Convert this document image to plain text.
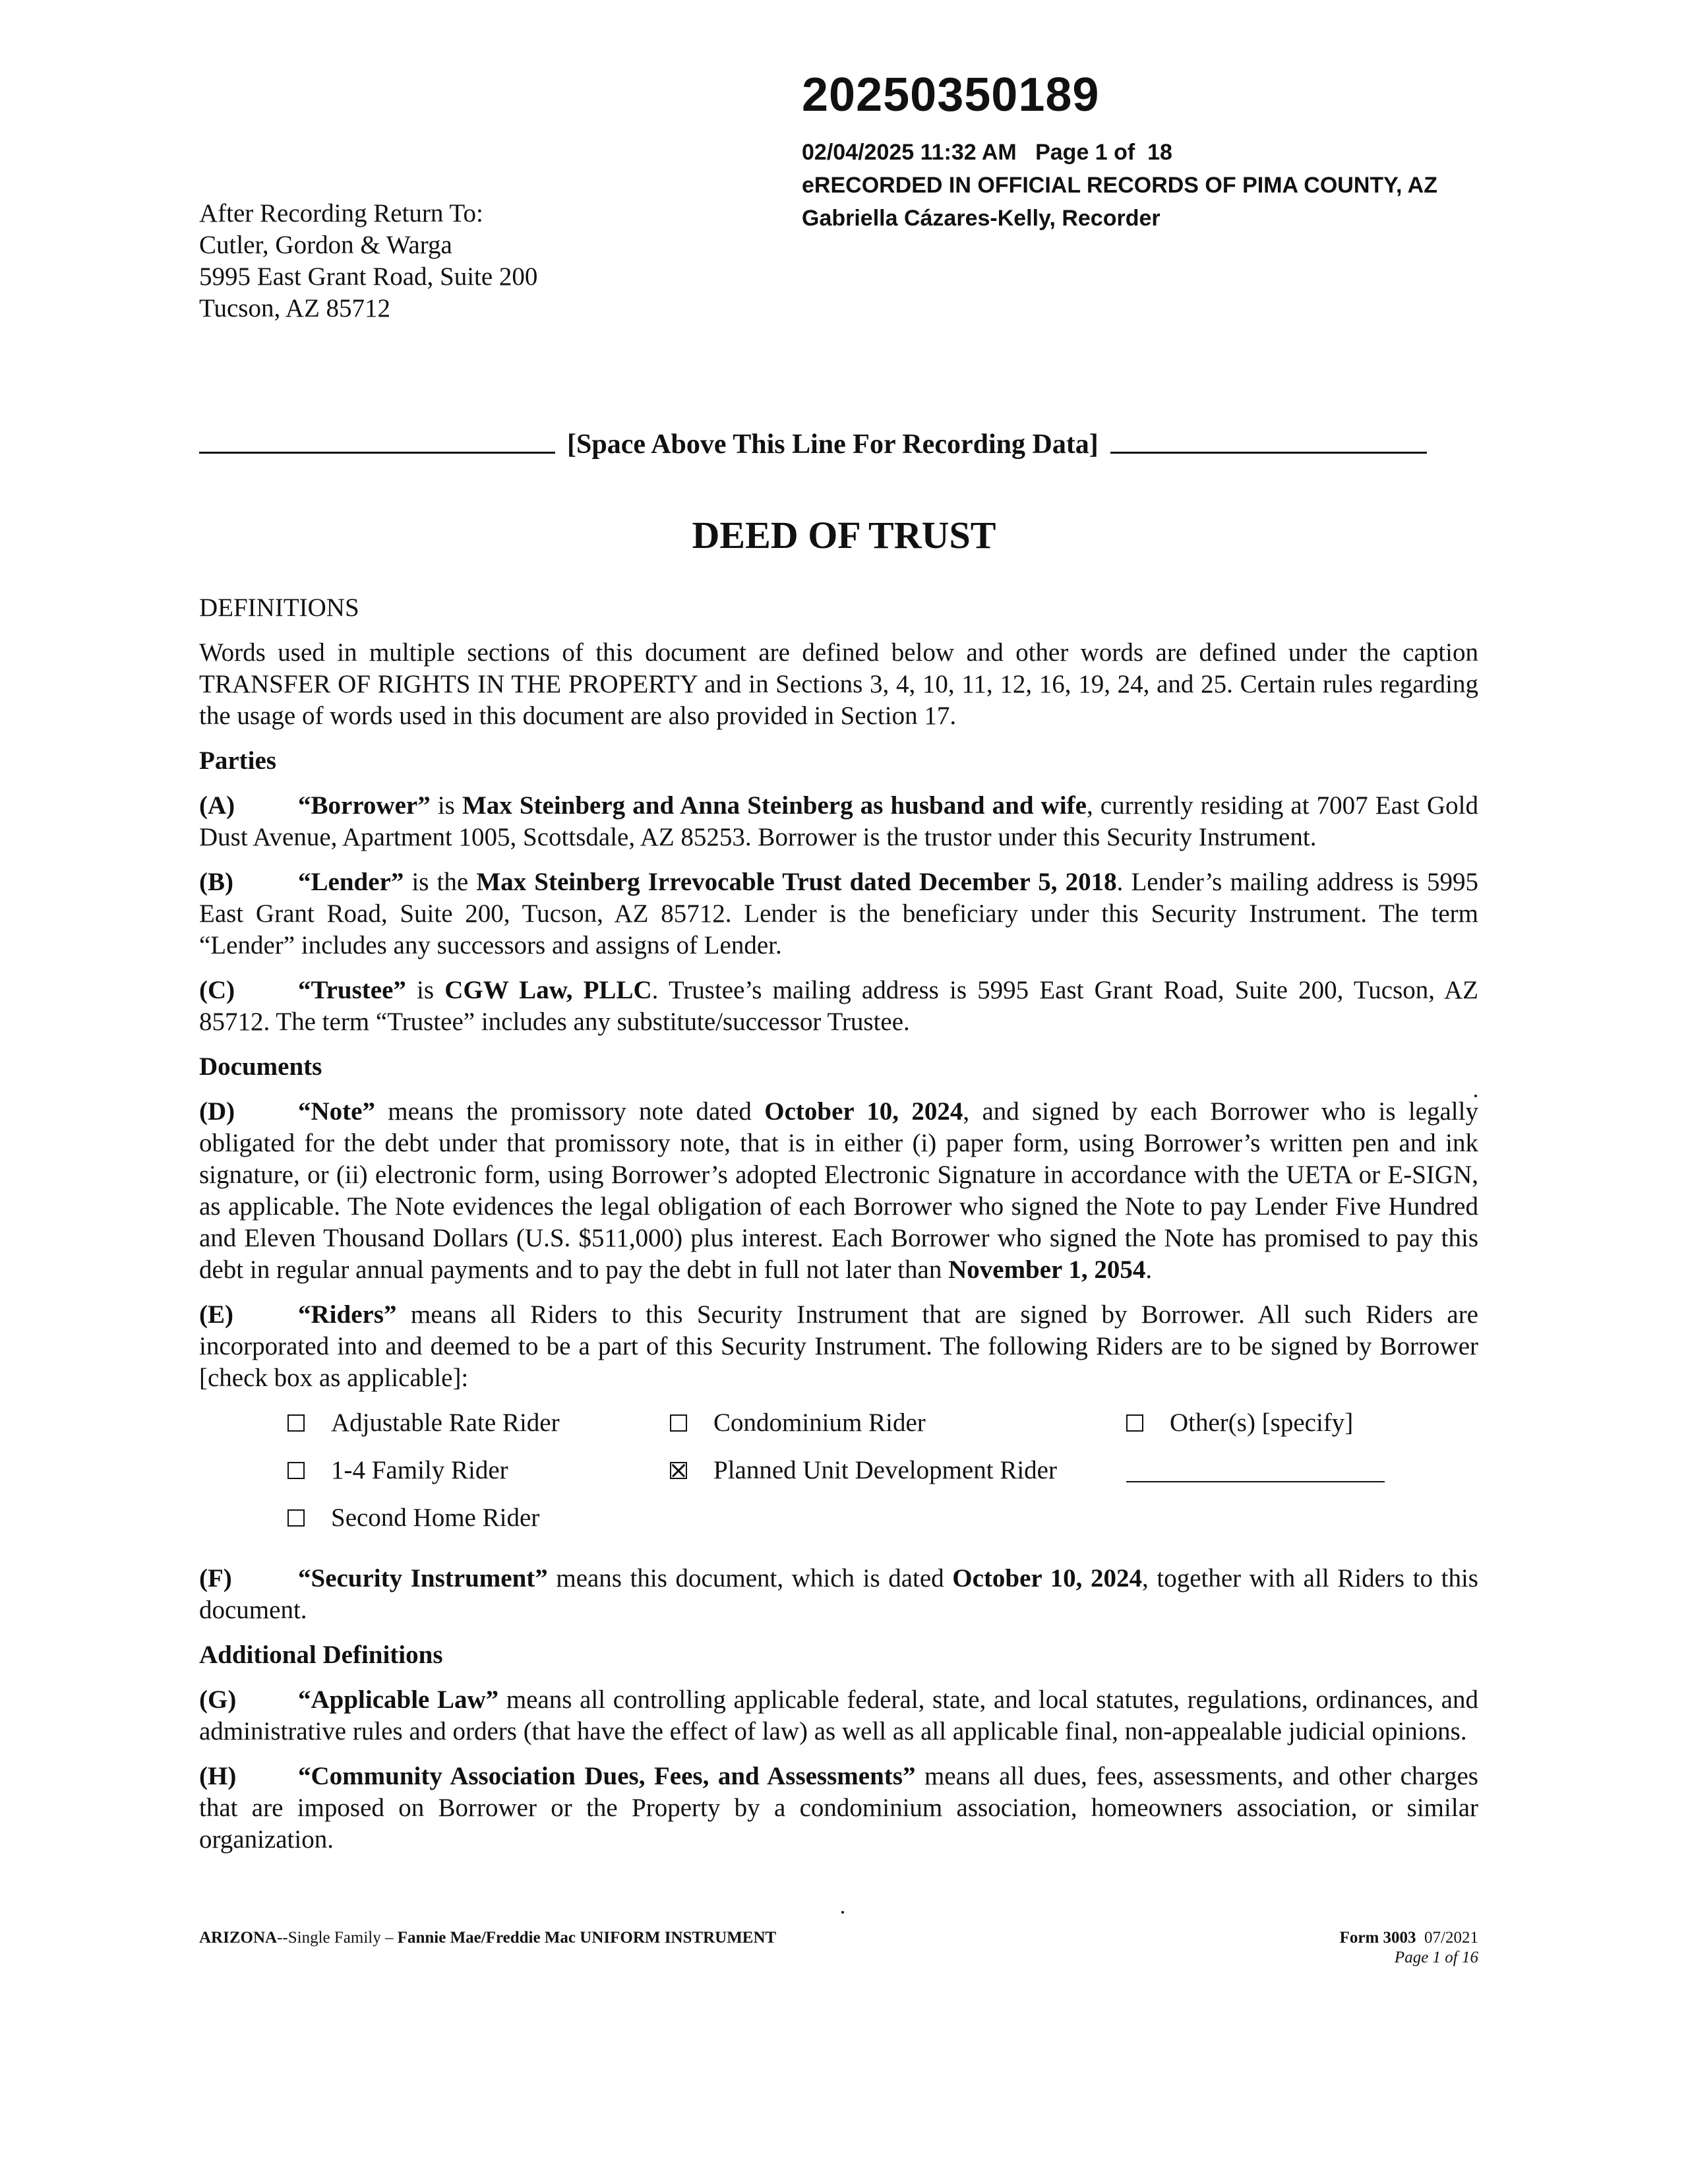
20250350189
02/04/2025 11:32 AM   Page 1 of  18
eRECORDED IN OFFICIAL RECORDS OF PIMA COUNTY, AZ
Gabriella Cázares-Kelly, Recorder
After Recording Return To:
Cutler, Gordon & Warga
5995 East Grant Road, Suite 200
Tucson, AZ 85712
[Space Above This Line For Recording Data]
DEED OF TRUST

DEFINITIONS

Words used in multiple sections of this document are defined below and other words are defined under the caption TRANSFER OF RIGHTS IN THE PROPERTY and in Sections 3, 4, 10, 11, 12, 16, 19, 24, and 25. Certain rules regarding the usage of words used in this document are also provided in Section 17.

Parties

(A) “Borrower” is Max Steinberg and Anna Steinberg as husband and wife, currently residing at 7007 East Gold Dust Avenue, Apartment 1005, Scottsdale, AZ 85253. Borrower is the trustor under this Security Instrument.

(B)	“Lender” is the Max Steinberg Irrevocable Trust dated December 5, 2018. Lender’s mailing address is 5995 East Grant Road, Suite 200, Tucson, AZ 85712. Lender is the beneficiary under this Security Instrument. The term “Lender” includes any successors and assigns of Lender.

(C) “Trustee” is CGW Law, PLLC. Trustee’s mailing address is 5995 East Grant Road, Suite 200, Tucson, AZ 85712. The term “Trustee” includes any substitute/successor Trustee.

Documents

(D) “Note” means the promissory note dated October 10, 2024, and signed by each Borrower who is legally obligated for the debt under that promissory note, that is in either (i) paper form, using Borrower’s written pen and ink signature, or (ii) electronic form, using Borrower’s adopted Electronic Signature in accordance with the UETA or E-SIGN, as applicable. The Note evidences the legal obligation of each Borrower who signed the Note to pay Lender Five Hundred and Eleven Thousand Dollars (U.S. $511,000) plus interest. Each Borrower who signed the Note has promised to pay this debt in regular annual payments and to pay the debt in full not later than November 1, 2054.

(E)	“Riders” means all Riders to this Security Instrument that are signed by Borrower. All such Riders are incorporated into and deemed to be a part of this Security Instrument. The following Riders are to be signed by Borrower [check box as applicable]:

Adjustable Rate Rider	Condominium Rider	Other(s) [specify]
1-4 Family Rider	Planned Unit Development Rider
Second Home Rider

(F)	“Security Instrument” means this document, which is dated October 10, 2024, together with all Riders to this document.

Additional Definitions

(G) “Applicable Law” means all controlling applicable federal, state, and local statutes, regulations, ordinances, and administrative rules and orders (that have the effect of law) as well as all applicable final, non-appealable judicial opinions.

(H) “Community Association Dues, Fees, and Assessments” means all dues, fees, assessments, and other charges that are imposed on Borrower or the Property by a condominium association, homeowners association, or similar organization.

ARIZONA--Single Family – Fannie Mae/Freddie Mac UNIFORM INSTRUMENT	Form 3003  07/2021
Page 1 of 16
